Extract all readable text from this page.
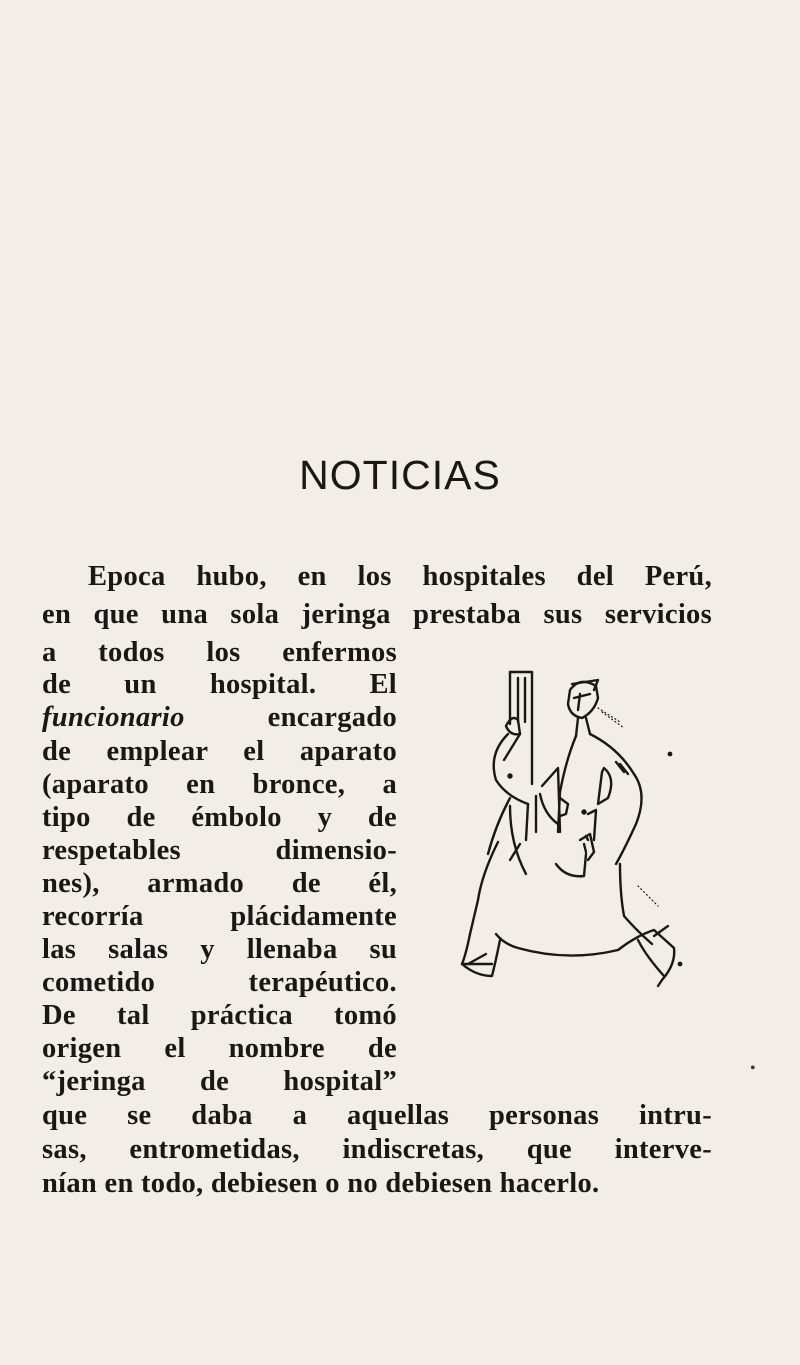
NOTICIAS
Epoca hubo, en los hospitales del Perú,
en que una sola jeringa prestaba sus servicios
a todos los enfermos
de un hospital. El
funcionario	encargado
de emplear el aparato
(aparato en bronce, a
tipo de émbolo y de
respetables dimensio-
nes), armado de él,
recorría plácidamente
las salas y llenaba su
cometido terapéutico.
De tal práctica tomó
origen el nombre de
“jeringa de hospital”
que se daba a aquellas personas intru-
sas, entrometidas, indiscretas, que interve-
nían en todo, debiesen o no debiesen hacerlo.
•
